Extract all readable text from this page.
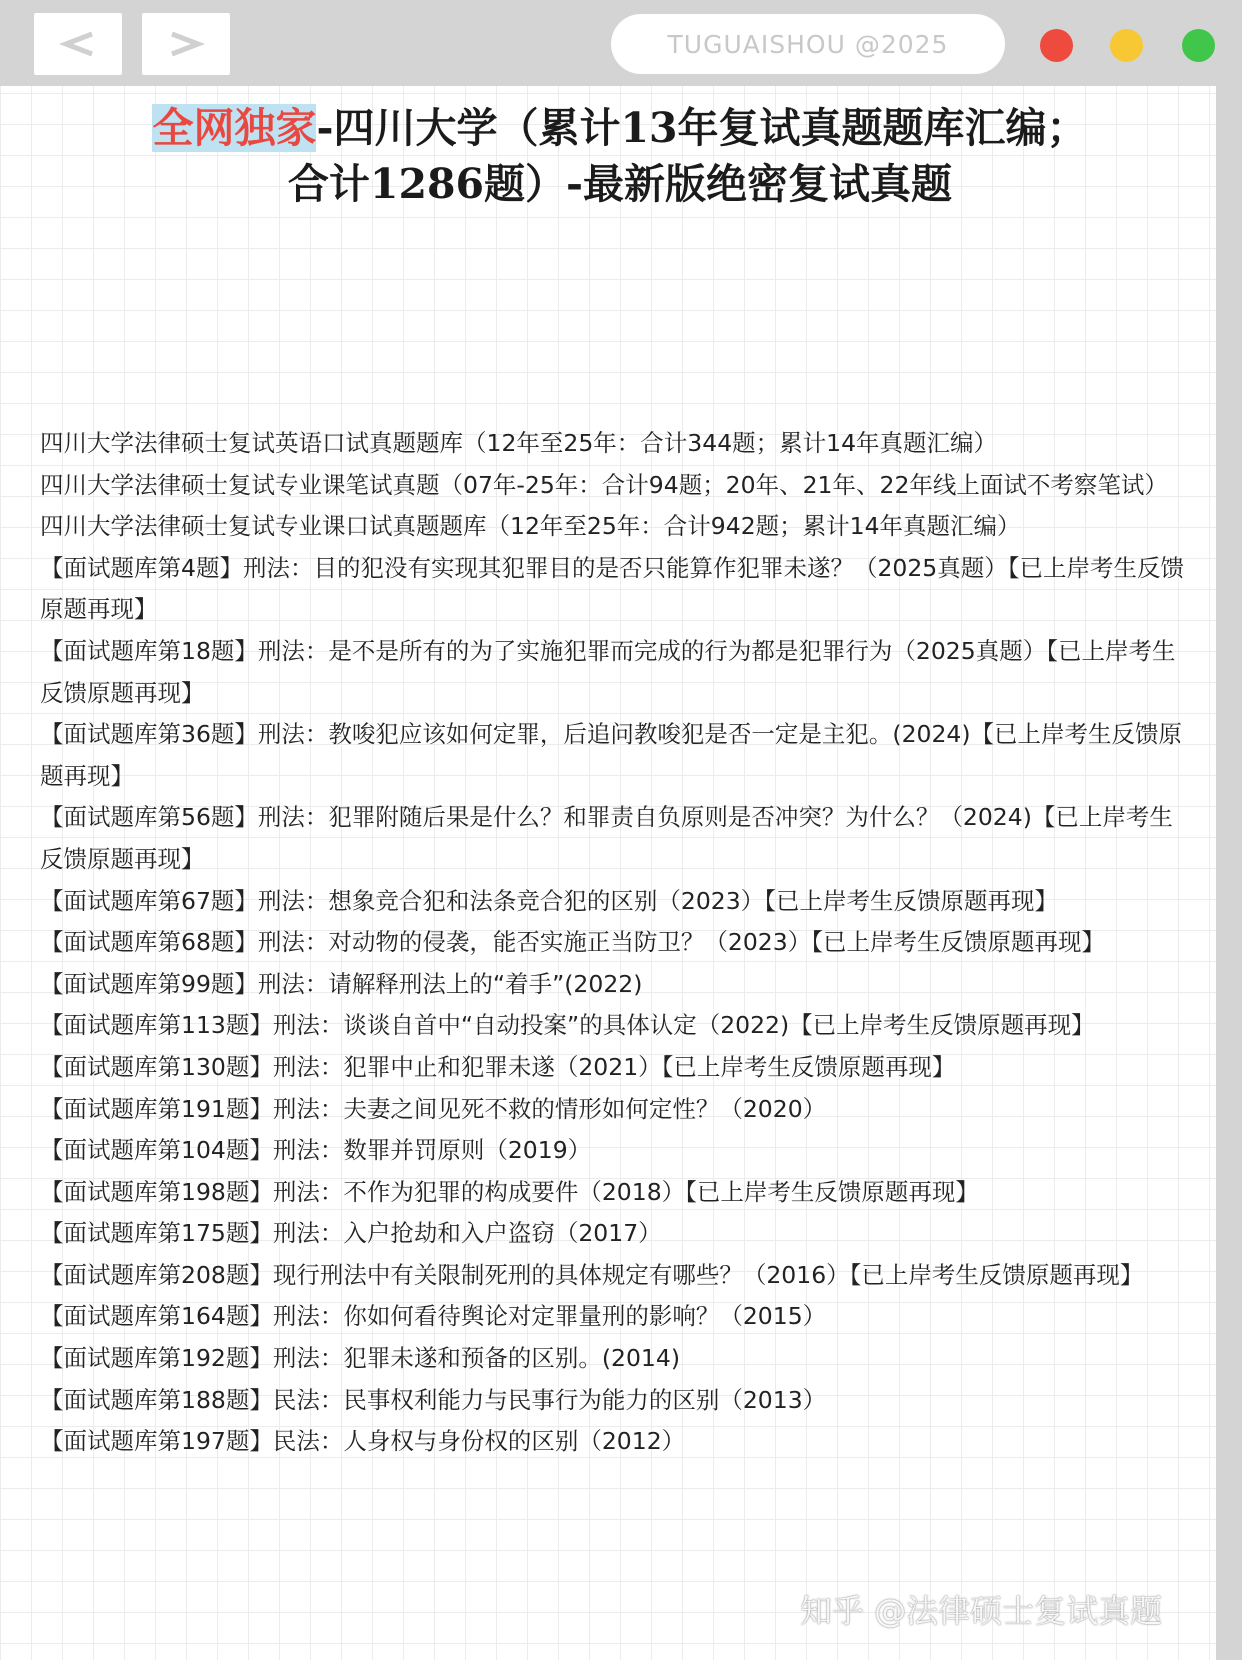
TUGUAISHOU @2025
全网独家-四川大学（累计13年复试真题题库汇编；
合计1286题）-最新版绝密复试真题

四川大学法律硕士复试英语口试真题题库（12年至25年：合计344题；累计14年真题汇编）

四川大学法律硕士复试专业课笔试真题（07年-25年：合计94题；20年、21年、22年线上面试不考察笔试）

四川大学法律硕士复试专业课口试真题题库（12年至25年：合计942题；累计14年真题汇编）

【面试题库第4题】刑法：目的犯没有实现其犯罪目的是否只能算作犯罪未遂？（2025真题）【已上岸考生反馈原题再现】

【面试题库第18题】刑法：是不是所有的为了实施犯罪而完成的行为都是犯罪行为（2025真题）【已上岸考生反馈原题再现】

【面试题库第36题】刑法：教唆犯应该如何定罪，后追问教唆犯是否一定是主犯。(2024)【已上岸考生反馈原题再现】

【面试题库第56题】刑法：犯罪附随后果是什么？和罪责自负原则是否冲突？为什么？（2024)【已上岸考生反馈原题再现】

【面试题库第67题】刑法：想象竞合犯和法条竞合犯的区别（2023）【已上岸考生反馈原题再现】

【面试题库第68题】刑法：对动物的侵袭，能否实施正当防卫？（2023）【已上岸考生反馈原题再现】

【面试题库第99题】刑法：请解释刑法上的“着手”(2022)

【面试题库第113题】刑法：谈谈自首中“自动投案”的具体认定（2022)【已上岸考生反馈原题再现】

【面试题库第130题】刑法：犯罪中止和犯罪未遂（2021）【已上岸考生反馈原题再现】

【面试题库第191题】刑法：夫妻之间见死不救的情形如何定性？（2020）

【面试题库第104题】刑法：数罪并罚原则（2019）

【面试题库第198题】刑法：不作为犯罪的构成要件（2018）【已上岸考生反馈原题再现】

【面试题库第175题】刑法：入户抢劫和入户盗窃（2017）

【面试题库第208题】现行刑法中有关限制死刑的具体规定有哪些？（2016）【已上岸考生反馈原题再现】

【面试题库第164题】刑法：你如何看待舆论对定罪量刑的影响？（2015）

【面试题库第192题】刑法：犯罪未遂和预备的区别。(2014)

【面试题库第188题】民法：民事权利能力与民事行为能力的区别（2013）

【面试题库第197题】民法：人身权与身份权的区别（2012）

知乎 @法律硕士复试真题
